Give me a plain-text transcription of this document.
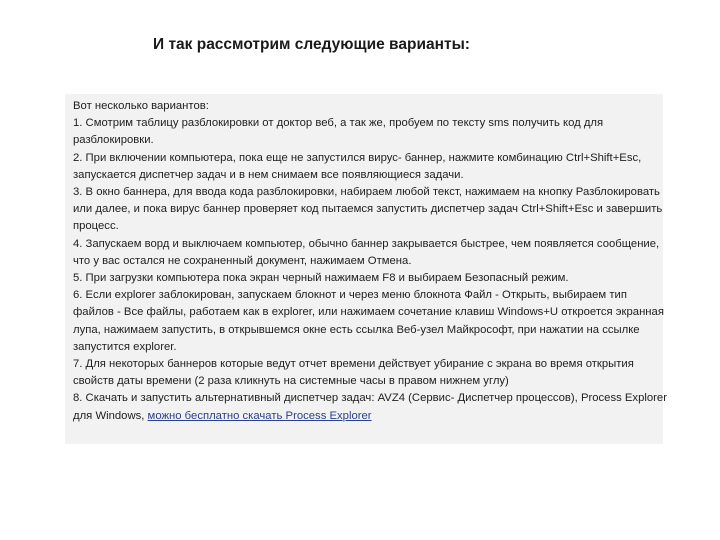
И так рассмотрим следующие варианты:

Вот несколько вариантов:

1. Смотрим таблицу разблокировки от доктор веб, а так же, пробуем по тексту sms получить код для разблокировки.

2. При включении компьютера, пока еще не запустился вирус- баннер, нажмите комбинацию Ctrl+Shift+Esc, запускается диспетчер задач и в нем снимаем все появляющиеся задачи.

3. В окно баннера, для ввода кода разблокировки, набираем любой текст, нажимаем на кнопку Разблокировать или далее, и пока вирус баннер проверяет код пытаемся запустить диспетчер задач Ctrl+Shift+Esc и завершить процесс.

4. Запускаем ворд и выключаем компьютер, обычно баннер закрывается быстрее, чем появляется сообщение, что у вас остался не сохраненный документ, нажимаем Отмена.

5. При загрузки компьютера пока экран черный нажимаем F8 и выбираем Безопасный режим.

6. Если explorer заблокирован, запускаем блокнот и через меню блокнота Файл - Открыть, выбираем тип файлов - Все файлы, работаем как в explorer, или нажимаем сочетание клавиш Windows+U откроется экранная лупа, нажимаем запустить, в открывшемся окне есть ссылка Веб-узел Майкрософт, при нажатии на ссылке запустится explorer.

7. Для некоторых баннеров которые ведут отчет времени действует убирание с экрана во время открытия свойств даты времени (2 раза кликнуть на системные часы в правом нижнем углу)

8. Скачать и запустить альтернативный диспетчер задач: AVZ4 (Сервис- Диспетчер процессов), Process Explorer для Windows, можно бесплатно скачать Process Explorer
